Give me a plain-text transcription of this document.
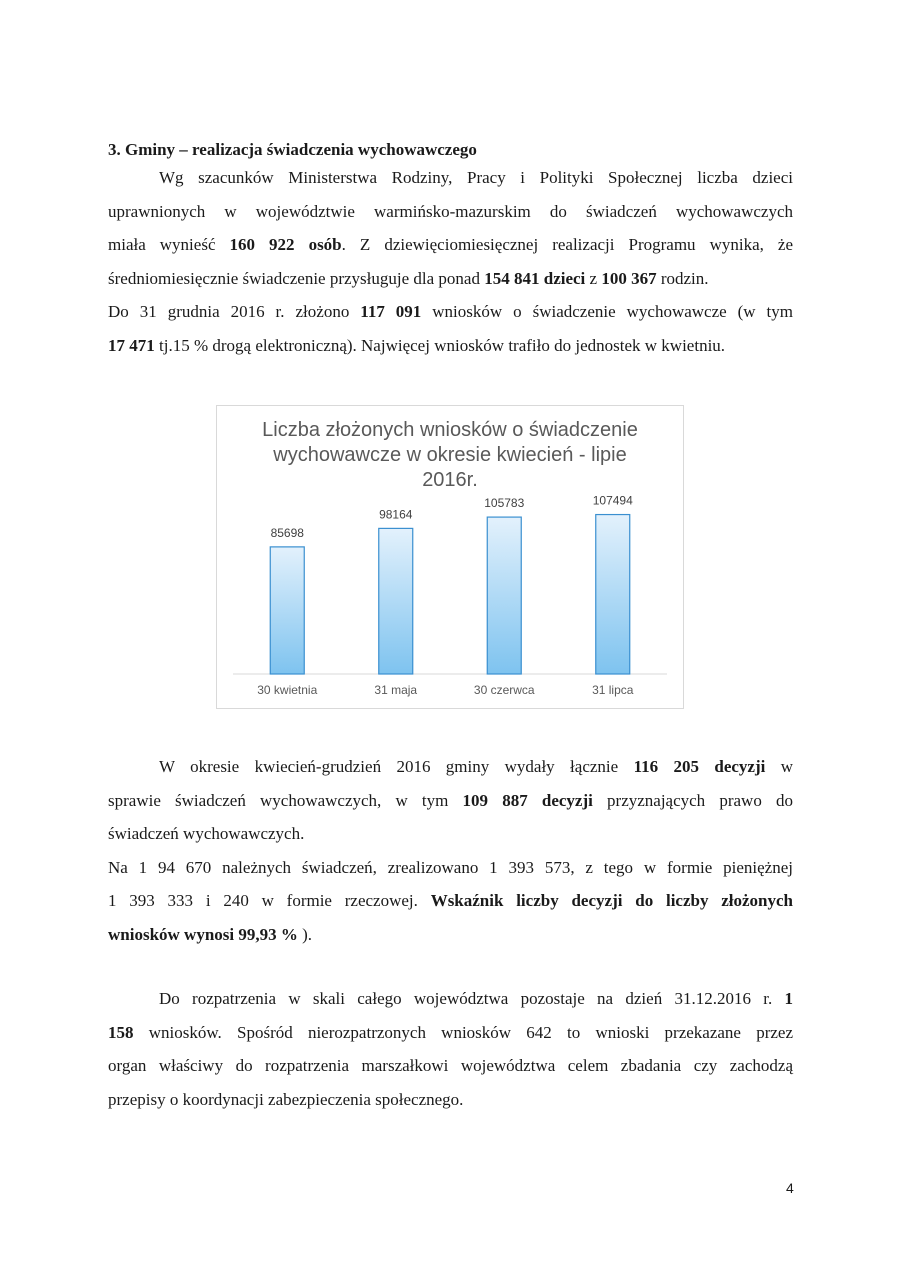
3. Gminy – realizacja świadczenia wychowawczego
Wg szacunków Ministerstwa Rodziny, Pracy i Polityki Społecznej liczba dzieci
uprawnionych w województwie warmińsko-mazurskim do świadczeń wychowawczych
miała wynieść 160 922 osób. Z dziewięciomiesięcznej realizacji Programu wynika, że
średniomiesięcznie świadczenie przysługuje dla ponad 154 841 dzieci z 100 367 rodzin.
Do 31 grudnia 2016 r. złożono 117 091 wniosków o świadczenie wychowawcze (w tym
17 471 tj.15 % drogą elektroniczną). Najwięcej wniosków trafiło do jednostek w kwietniu.
W okresie kwiecień-grudzień 2016 gminy wydały łącznie 116 205 decyzji w
sprawie świadczeń wychowawczych, w tym 109 887 decyzji przyznających prawo do
świadczeń wychowawczych.
Na 1 94 670 należnych świadczeń, zrealizowano 1 393 573, z tego w formie pieniężnej
1 393 333 i 240 w formie rzeczowej. Wskaźnik liczby decyzji do liczby złożonych
wniosków wynosi 99,93 % ).
Do rozpatrzenia w skali całego województwa pozostaje na dzień 31.12.2016 r. 1
158 wniosków. Spośród nierozpatrzonych wniosków 642 to wnioski przekazane przez
organ właściwy do rozpatrzenia marszałkowi województwa celem zbadania czy zachodzą
przepisy o koordynacji zabezpieczenia społecznego.
Liczba złożonych wniosków o świadczenie
wychowawcze w okresie kwiecień - lipie
2016r.
85698
30 kwietnia
98164
31 maja
105783
30 czerwca
107494
31 lipca
4
